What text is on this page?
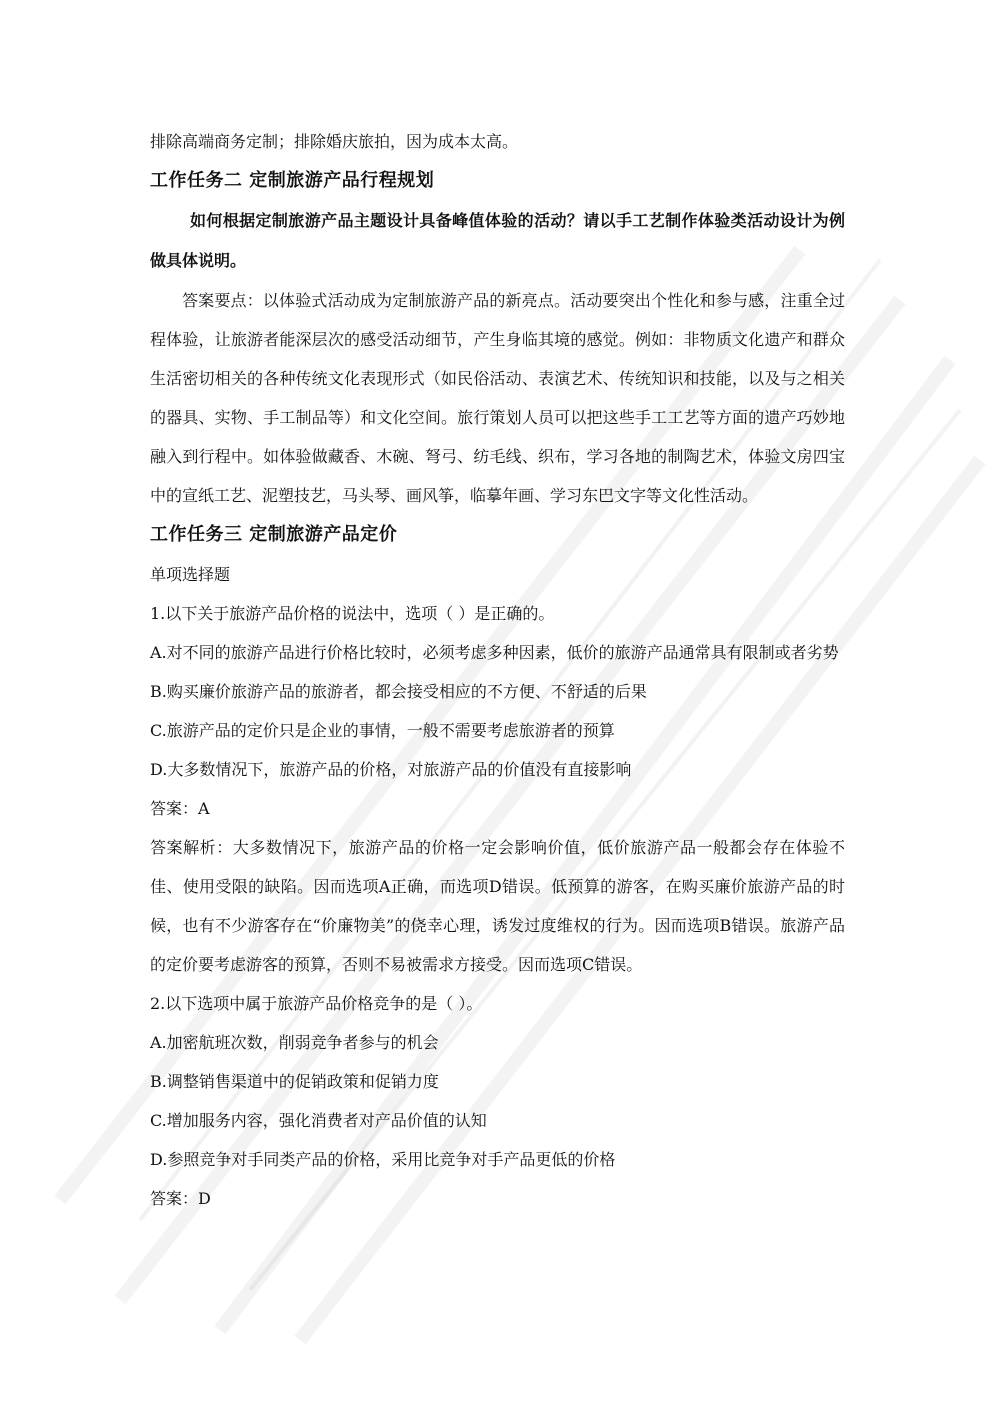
排除高端商务定制；排除婚庆旅拍，因为成本太高。

工作任务二 定制旅游产品行程规划

如何根据定制旅游产品主题设计具备峰值体验的活动？请以手工艺制作体验类活动设计为例做具体说明。

答案要点：以体验式活动成为定制旅游产品的新亮点。活动要突出个性化和参与感，注重全过程体验，让旅游者能深层次的感受活动细节，产生身临其境的感觉。例如：非物质文化遗产和群众生活密切相关的各种传统文化表现形式（如民俗活动、表演艺术、传统知识和技能，以及与之相关的器具、实物、手工制品等）和文化空间。旅行策划人员可以把这些手工工艺等方面的遗产巧妙地融入到行程中。如体验做藏香、木碗、弩弓、纺毛线、织布，学习各地的制陶艺术，体验文房四宝中的宣纸工艺、泥塑技艺，马头琴、画风筝，临摹年画、学习东巴文字等文化性活动。

工作任务三 定制旅游产品定价

单项选择题

1.以下关于旅游产品价格的说法中，选项（ ）是正确的。

A.对不同的旅游产品进行价格比较时，必须考虑多种因素，低价的旅游产品通常具有限制或者劣势

B.购买廉价旅游产品的旅游者，都会接受相应的不方便、不舒适的后果

C.旅游产品的定价只是企业的事情，一般不需要考虑旅游者的预算

D.大多数情况下，旅游产品的价格，对旅游产品的价值没有直接影响

答案：A

答案解析：大多数情况下，旅游产品的价格一定会影响价值，低价旅游产品一般都会存在体验不佳、使用受限的缺陷。因而选项A正确，而选项D错误。低预算的游客，在购买廉价旅游产品的时候，也有不少游客存在“价廉物美”的侥幸心理，诱发过度维权的行为。因而选项B错误。旅游产品的定价要考虑游客的预算，否则不易被需求方接受。因而选项C错误。

2.以下选项中属于旅游产品价格竞争的是（ ）。

A.加密航班次数，削弱竞争者参与的机会

B.调整销售渠道中的促销政策和促销力度

C.增加服务内容，强化消费者对产品价值的认知

D.参照竞争对手同类产品的价格，采用比竞争对手产品更低的价格

答案：D
